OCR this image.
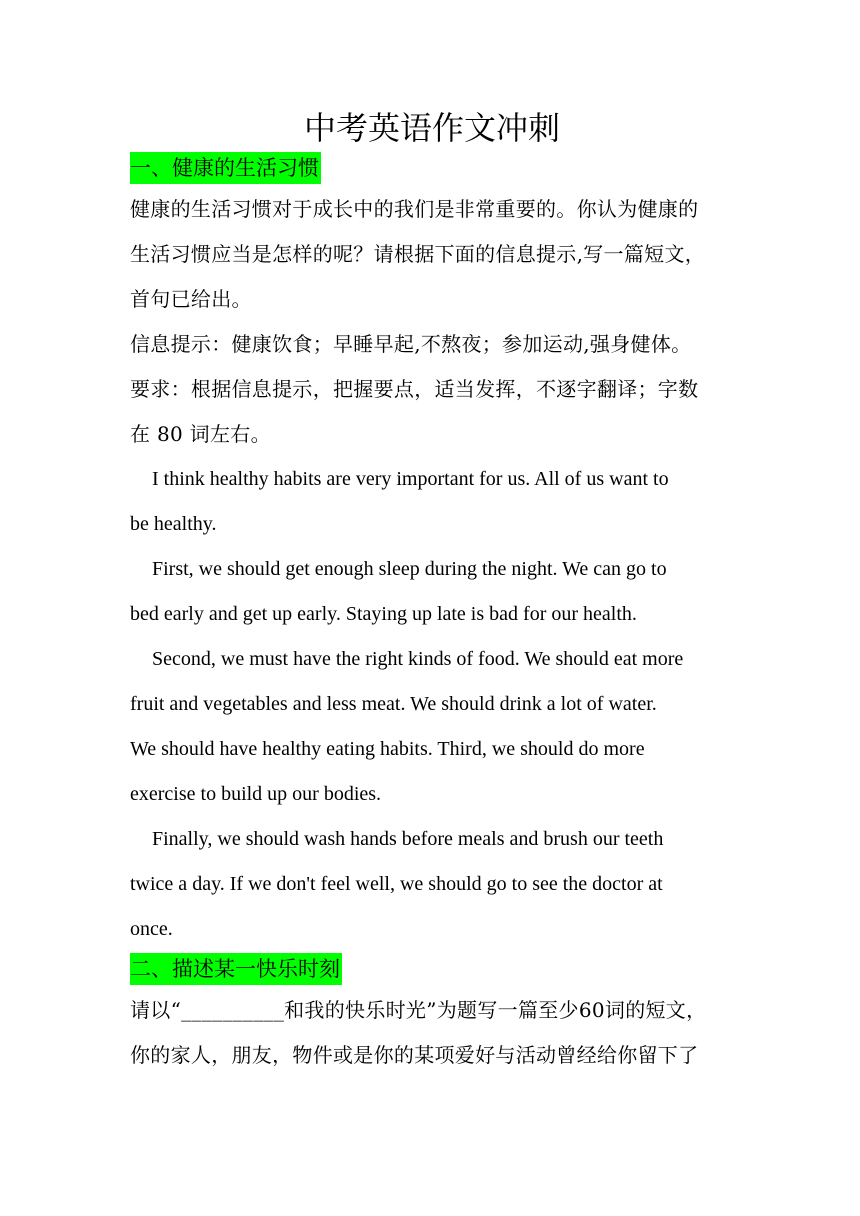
中考英语作文冲刺
一、健康的生活习惯
健康的生活习惯对于成长中的我们是非常重要的。你认为健康的
生活习惯应当是怎样的呢？请根据下面的信息提示,写一篇短文，
首句已给出。
信息提示：健康饮食；早睡早起,不熬夜；参加运动,强身健体。
要求：根据信息提示，把握要点，适当发挥，不逐字翻译；字数
在 80 词左右。
I think healthy habits are very important for us. All of us want to
be healthy.
First, we should get enough sleep during the night. We can go to
bed early and get up early. Staying up late is bad for our health.
Second, we must have the right kinds of food. We should eat more
fruit and vegetables and less meat. We should drink a lot of water.
We should have healthy eating habits. Third, we should do more
exercise to build up our bodies.
Finally, we should wash hands before meals and brush our teeth
twice a day. If we don't feel well, we should go to see the doctor at
once.
二、描述某一快乐时刻
请以“__________和我的快乐时光”为题写一篇至少60词的短文，
你的家人，朋友，物件或是你的某项爱好与活动曾经给你留下了
